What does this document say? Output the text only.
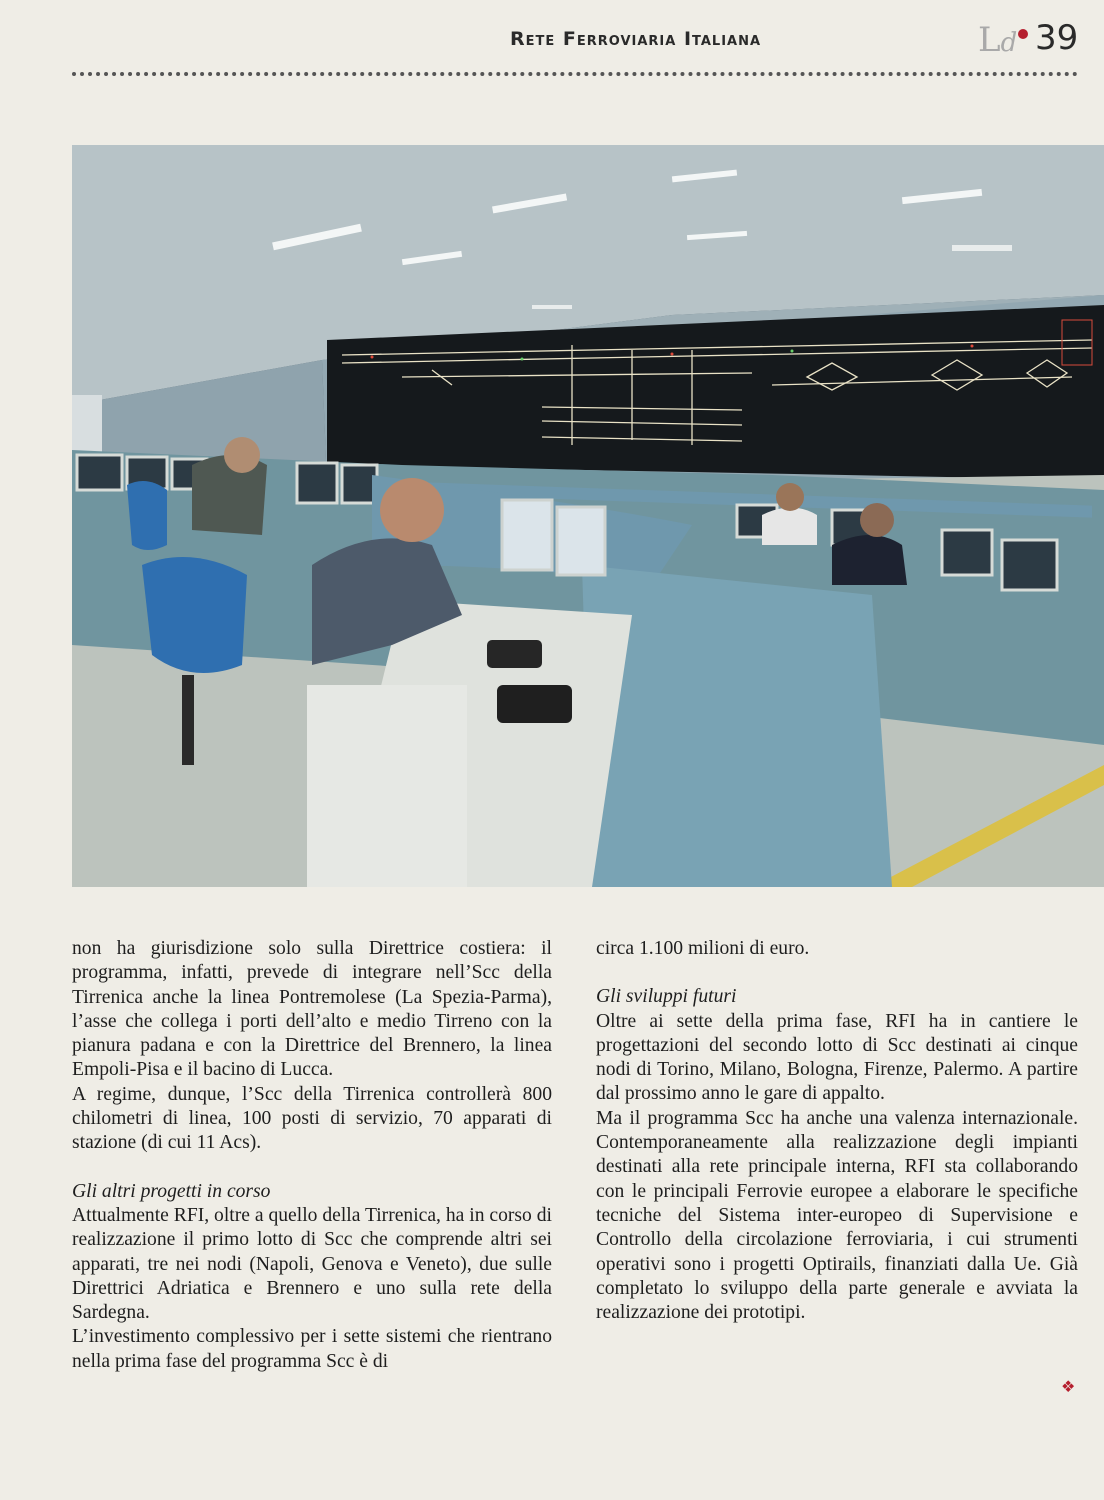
Rete Ferroviaria Italiana	Ld 39

non ha giurisdizione solo sulla Direttrice costiera: il programma, infatti, prevede di integrare nell’Scc della Tirrenica anche la linea Pontremolese (La Spezia-Parma), l’asse che collega i porti dell’alto e medio Tirreno con la pianura padana e con la Direttrice del Brennero, la linea Empoli-Pisa e il bacino di Lucca.

A regime, dunque, l’Scc della Tirrenica controllerà 800 chilometri di linea, 100 posti di servizio, 70 apparati di stazione (di cui 11 Acs).

Gli altri progetti in corso

Attualmente RFI, oltre a quello della Tirrenica, ha in corso di realizzazione il primo lotto di Scc che comprende altri sei apparati, tre nei nodi (Napoli, Genova e Veneto), due sulle Direttrici Adriatica e Brennero e uno sulla rete della Sardegna.

L’investimento complessivo per i sette sistemi che rientrano nella prima fase del programma Scc è di

circa 1.100 milioni di euro.

Gli sviluppi futuri

Oltre ai sette della prima fase, RFI ha in cantiere le progettazioni del secondo lotto di Scc destinati ai cinque nodi di Torino, Milano, Bologna, Firenze, Palermo. A partire dal prossimo anno le gare di appalto.

Ma il programma Scc ha anche una valenza internazionale. Contemporaneamente alla realizzazione degli impianti destinati alla rete principale interna, RFI sta collaborando con le principali Ferrovie europee a elaborare le specifiche tecniche del Sistema inter-europeo di Supervisione e Controllo della circolazione ferroviaria, i cui strumenti operativi sono i progetti Optirails, finanziati dalla Ue. Già completato lo sviluppo della parte generale e avviata la realizzazione dei prototipi.

❖
